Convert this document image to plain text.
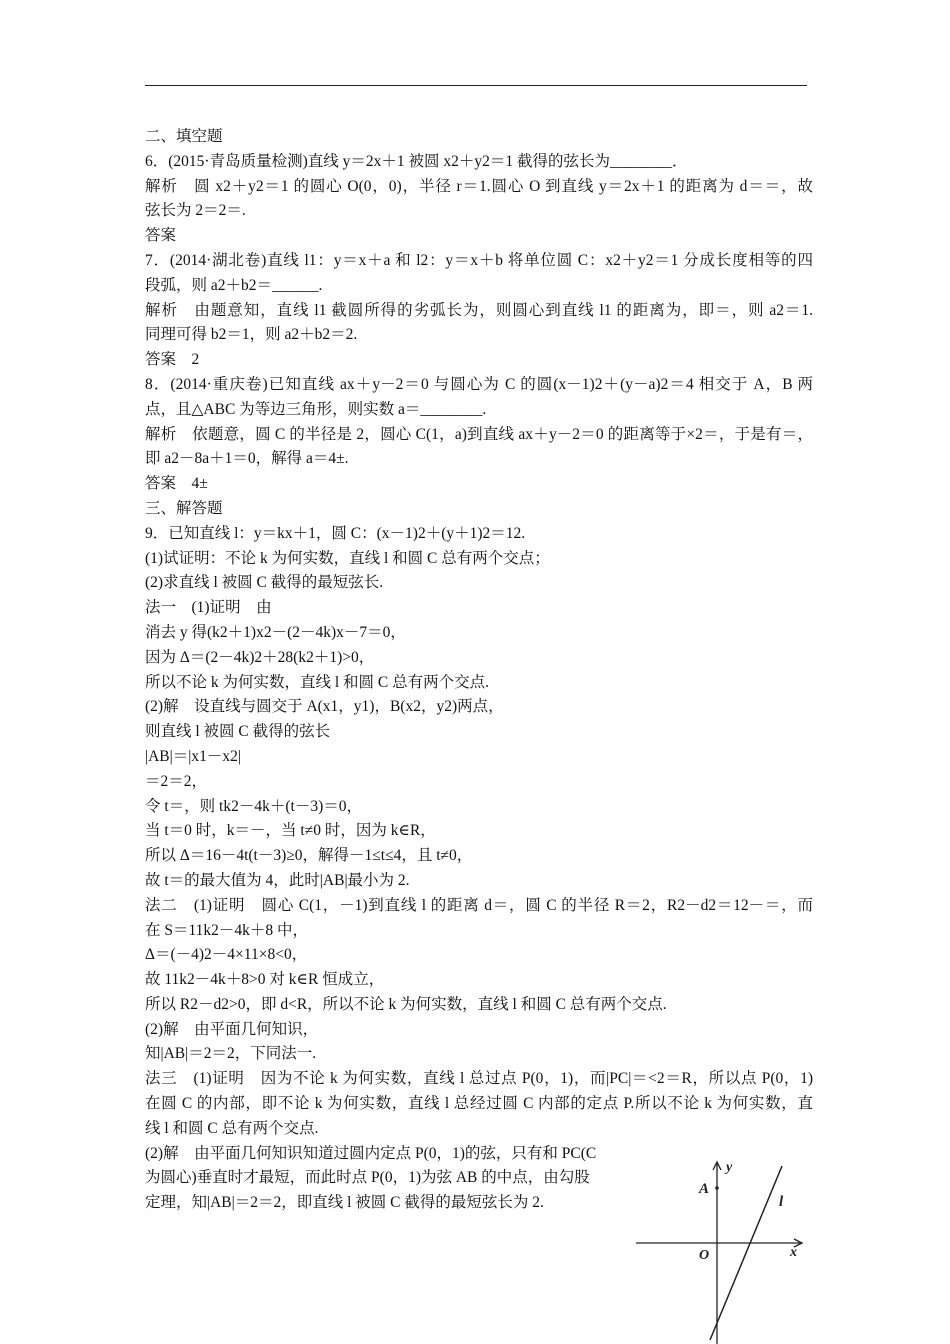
二、填空题
6．(2015·青岛质量检测)直线 y＝2x＋1 被圆 x2＋y2＝1 截得的弦长为________．
解析　圆 x2＋y2＝1 的圆心 O(0，0)，半径 r＝1.圆心 O 到直线 y＝2x＋1 的距离为 d＝＝，故
弦长为 2＝2＝.
答案
7．(2014·湖北卷)直线 l1：y＝x＋a 和 l2：y＝x＋b 将单位圆 C：x2＋y2＝1 分成长度相等的四
段弧，则 a2＋b2＝______.
解析　由题意知，直线 l1 截圆所得的劣弧长为，则圆心到直线 l1 的距离为，即＝，则 a2＝1.
同理可得 b2＝1，则 a2＋b2＝2.
答案　2
8．(2014·重庆卷)已知直线 ax＋y－2＝0 与圆心为 C 的圆(x－1)2＋(y－a)2＝4 相交于 A，B 两
点，且△ABC 为等边三角形，则实数 a＝________.
解析　依题意，圆 C 的半径是 2，圆心 C(1，a)到直线 ax＋y－2＝0 的距离等于×2＝，于是有＝，
即 a2－8a＋1＝0，解得 a＝4±.
答案　4±
三、解答题
9．已知直线 l：y＝kx＋1，圆 C：(x－1)2＋(y＋1)2＝12.
(1)试证明：不论 k 为何实数，直线 l 和圆 C 总有两个交点；
(2)求直线 l 被圆 C 截得的最短弦长.
法一　(1)证明　由
消去 y 得(k2＋1)x2－(2－4k)x－7＝0，
因为 Δ＝(2－4k)2＋28(k2＋1)>0，
所以不论 k 为何实数，直线 l 和圆 C 总有两个交点.
(2)解　设直线与圆交于 A(x1，y1)，B(x2，y2)两点，
则直线 l 被圆 C 截得的弦长
|AB|＝|x1－x2|
＝2＝2，
令 t＝，则 tk2－4k＋(t－3)＝0，
当 t＝0 时，k＝－，当 t≠0 时，因为 k∈R，
所以 Δ＝16－4t(t－3)≥0，解得－1≤t≤4，且 t≠0，
故 t＝的最大值为 4，此时|AB|最小为 2.
法二　(1)证明　圆心 C(1，－1)到直线 l 的距离 d＝，圆 C 的半径 R＝2，R2－d2＝12－＝，而
在 S＝11k2－4k＋8 中，
Δ＝(－4)2－4×11×8<0，
故 11k2－4k＋8>0 对 k∈R 恒成立，
所以 R2－d2>0，即 d<R，所以不论 k 为何实数，直线 l 和圆 C 总有两个交点.
(2)解　由平面几何知识，
知|AB|＝2＝2，下同法一.
法三　(1)证明　因为不论 k 为何实数，直线 l 总过点 P(0，1)，而|PC|＝<2＝R，所以点 P(0，1)
在圆 C 的内部，即不论 k 为何实数，直线 l 总经过圆 C 内部的定点 P.所以不论 k 为何实数，直
线 l 和圆 C 总有两个交点.
(2)解　由平面几何知识知道过圆内定点 P(0，1)的弦，只有和 PC(C
为圆心)垂直时才最短，而此时点 P(0，1)为弦 AB 的中点，由勾股
定理，知|AB|＝2＝2，即直线 l 被圆 C 截得的最短弦长为 2.
y
x
O
A
l
